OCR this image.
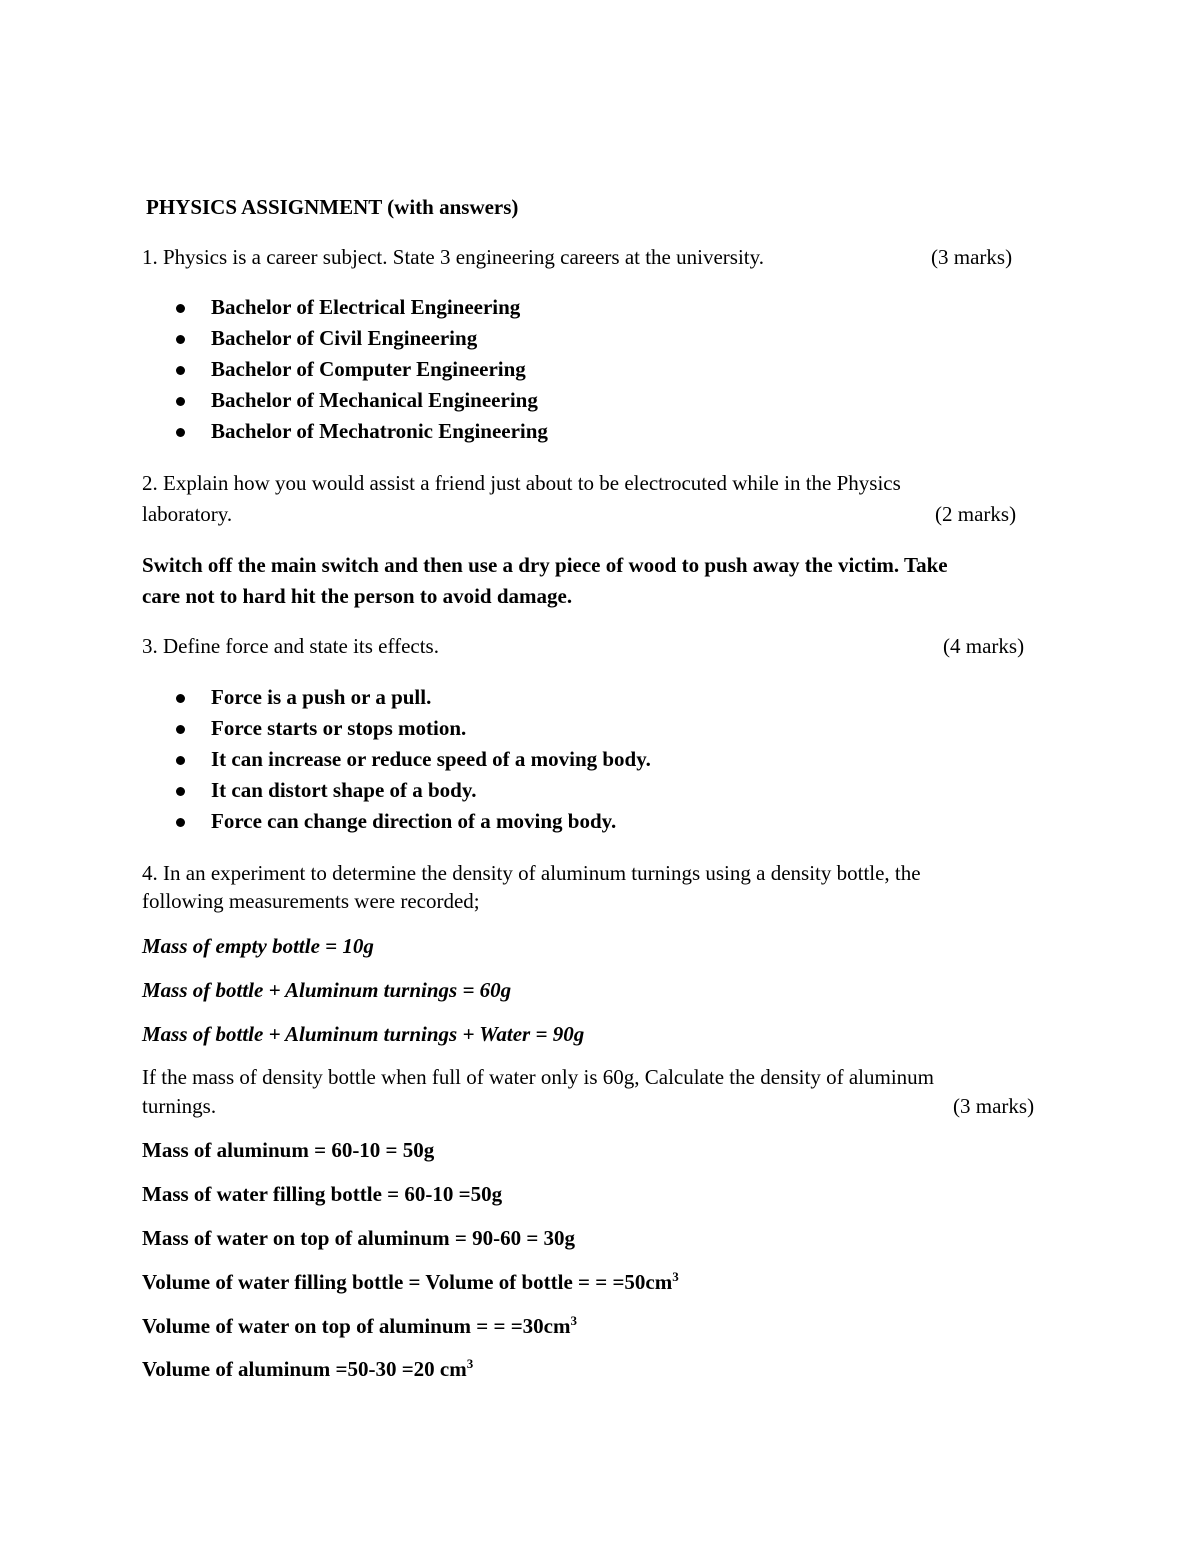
PHYSICS ASSIGNMENT (with answers)

1. Physics is a career subject. State 3 engineering careers at the university.	(3 marks)
Bachelor of Electrical Engineering
Bachelor of Civil Engineering
Bachelor of Computer Engineering
Bachelor of Mechanical Engineering
Bachelor of Mechatronic Engineering

2. Explain how you would assist a friend just about to be electrocuted while in the Physics

laboratory.	(2 marks)

Switch off the main switch and then use a dry piece of wood to push away the victim. Take

care not to hard hit the person to avoid damage.

3. Define force and state its effects.	(4 marks)
Force is a push or a pull.
Force starts or stops motion.
It can increase or reduce speed of a moving body.
It can distort shape of a body.
Force can change direction of a moving body.

4. In an experiment to determine the density of aluminum turnings using a density bottle, the

following measurements were recorded;

Mass of empty bottle = 10g

Mass of bottle + Aluminum turnings = 60g

Mass of bottle + Aluminum turnings + Water = 90g

If the mass of density bottle when full of water only is 60g, Calculate the density of aluminum

turnings.	(3 marks)

Mass of aluminum = 60-10 = 50g

Mass of water filling bottle = 60-10 =50g

Mass of water on top of aluminum = 90-60 = 30g

Volume of water filling bottle = Volume of bottle = = $=50cm^3$

Volume of water on top of aluminum = = $=30cm^3$

Volume of aluminum =50-30 =20 $cm^3$
